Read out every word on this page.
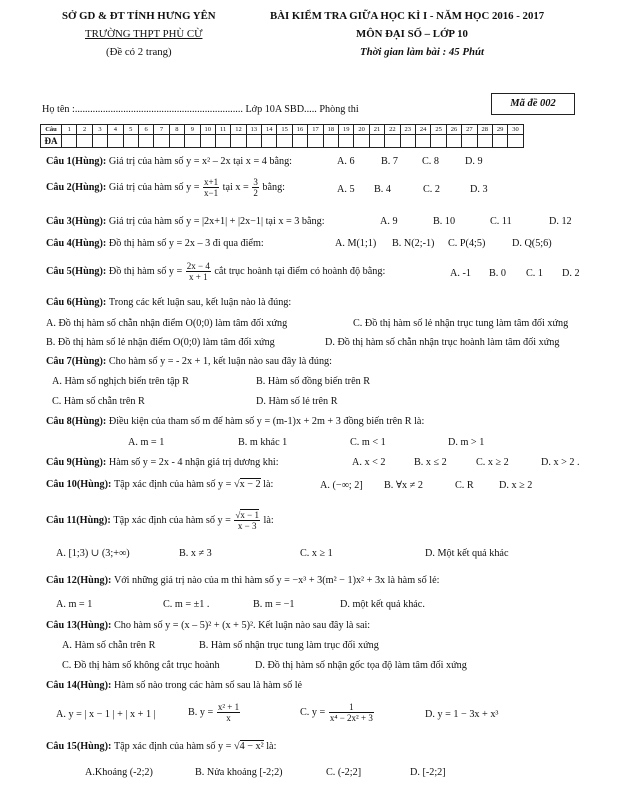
SỞ GD & ĐT TỈNH HƯNG YÊN
TRƯỜNG THPT PHÙ CỪ
(Đề có 2 trang)
BÀI KIỂM TRA GIỮA HỌC KÌ I - NĂM HỌC 2016 - 2017
MÔN ĐẠI SỐ – LỚP 10
Thời gian làm bài : 45 Phút
Mã đề 002
Họ tên :.................................................................. Lớp 10A SBD..... Phòng thi
Câu	1	2	3	4	5	6	7	8	9	10	11	12	13	14	15	16	17	18	19	20	21	22	23	24	25	26	27	28	29	30
ĐA																														
Câu 1(Hùng): Giá trị của hàm số y = x² – 2x tại x = 4 bằng:	A. 6	B. 7 C. 8	D. 9
Câu 2(Hùng): Giá trị của hàm số $y = \frac{x+1}{x-1}$ tại $x = \frac{3}{2}$ bằng:	A. 5 B. 4	C. 2	D. 3
Câu 3(Hùng): Giá trị của hàm số y = |2x+1| + |2x−1| tại x = 3 bằng:	A. 9	B. 10	C. 11	D. 12
Câu 4(Hùng): Đồ thị hàm số y = 2x – 3 đi qua điểm:	A. M(1;1) B. N(2;-1) C. P(4;5)	D. Q(5;6)
Câu 5(Hùng): Đồ thị hàm số $y = \frac{2x - 4}{x + 1}$ cắt trục hoành tại điểm có hoành độ bằng:	A. -1 B. 0 C. 1 D. 2
Câu 6(Hùng): Trong các kết luận sau, kết luận nào là đúng:
A. Đồ thị hàm số chẵn nhận điểm O(0;0) làm tâm đối xứng	C. Đồ thị hàm số lẻ nhận trục tung làm tâm đối xứng
B. Đồ thị hàm số lẻ nhận điểm O(0;0) làm tâm đối xứng	D. Đồ thị hàm số chẵn nhận trục hoành làm tâm đối xứng
Câu 7(Hùng): Cho hàm số y = - 2x + 1, kết luận nào sau đây là đúng:
A. Hàm số nghịch biến trên tập R	B. Hàm số đồng biến trên R
C. Hàm số chẵn trên R	D. Hàm số lẻ trên R
Câu 8(Hùng): Điều kiện của tham số m để hàm số y = (m-1)x + 2m + 3 đồng biến trên R là:
A. m = 1	B. m khác 1	C. m < 1	D. m > 1
Câu 9(Hùng): Hàm số y = 2x - 4 nhận giá trị dương khi:	A. x < 2	B. x ≤ 2	C. x ≥ 2	D. x > 2 .
Câu 10(Hùng): Tập xác định của hàm số y = √x − 2 là:	A. (−∞; 2] B. ∀x ≠ 2	C. R D. x ≥ 2
Câu 11(Hùng): Tập xác định của hàm số $y = \frac{√x - 1}{x - 3}$ là:
A. [1;3) ∪ (3;+∞)	B. x ≠ 3	C. x ≥ 1	D. Một kết quả khác
Câu 12(Hùng): Với những giá trị nào của m thì hàm số y = −x³ + 3(m² − 1)x² + 3x là hàm số lẻ:
A. m = 1	C. m = ±1 .	B. m = −1	D. một kết quả khác.
Câu 13(Hùng): Cho hàm số y = (x – 5)² + (x + 5)². Kết luận nào sau đây là sai:
A. Hàm số chẵn trên R	B. Hàm số nhận trục tung làm trục đối xứng
C. Đồ thị hàm số không cắt trục hoành	D. Đồ thị hàm số nhận gốc tọa độ làm tâm đối xứng
Câu 14(Hùng): Hàm số nào trong các hàm số sau là hàm số lẻ
A. y = | x − 1 | + | x + 1 |	B. $y = \frac{\text{x² + 1}}{x}$	C. $y = \frac{1}{\text{x⁴ − 2x² + 3}}$	D. y = 1 − 3x + x³
Câu 15(Hùng): Tập xác định của hàm số y = √4 − x² là:
A.Khoảng (-2;2)	B. Nửa khoảng [-2;2)	C. (-2;2]	D. [-2;2]
